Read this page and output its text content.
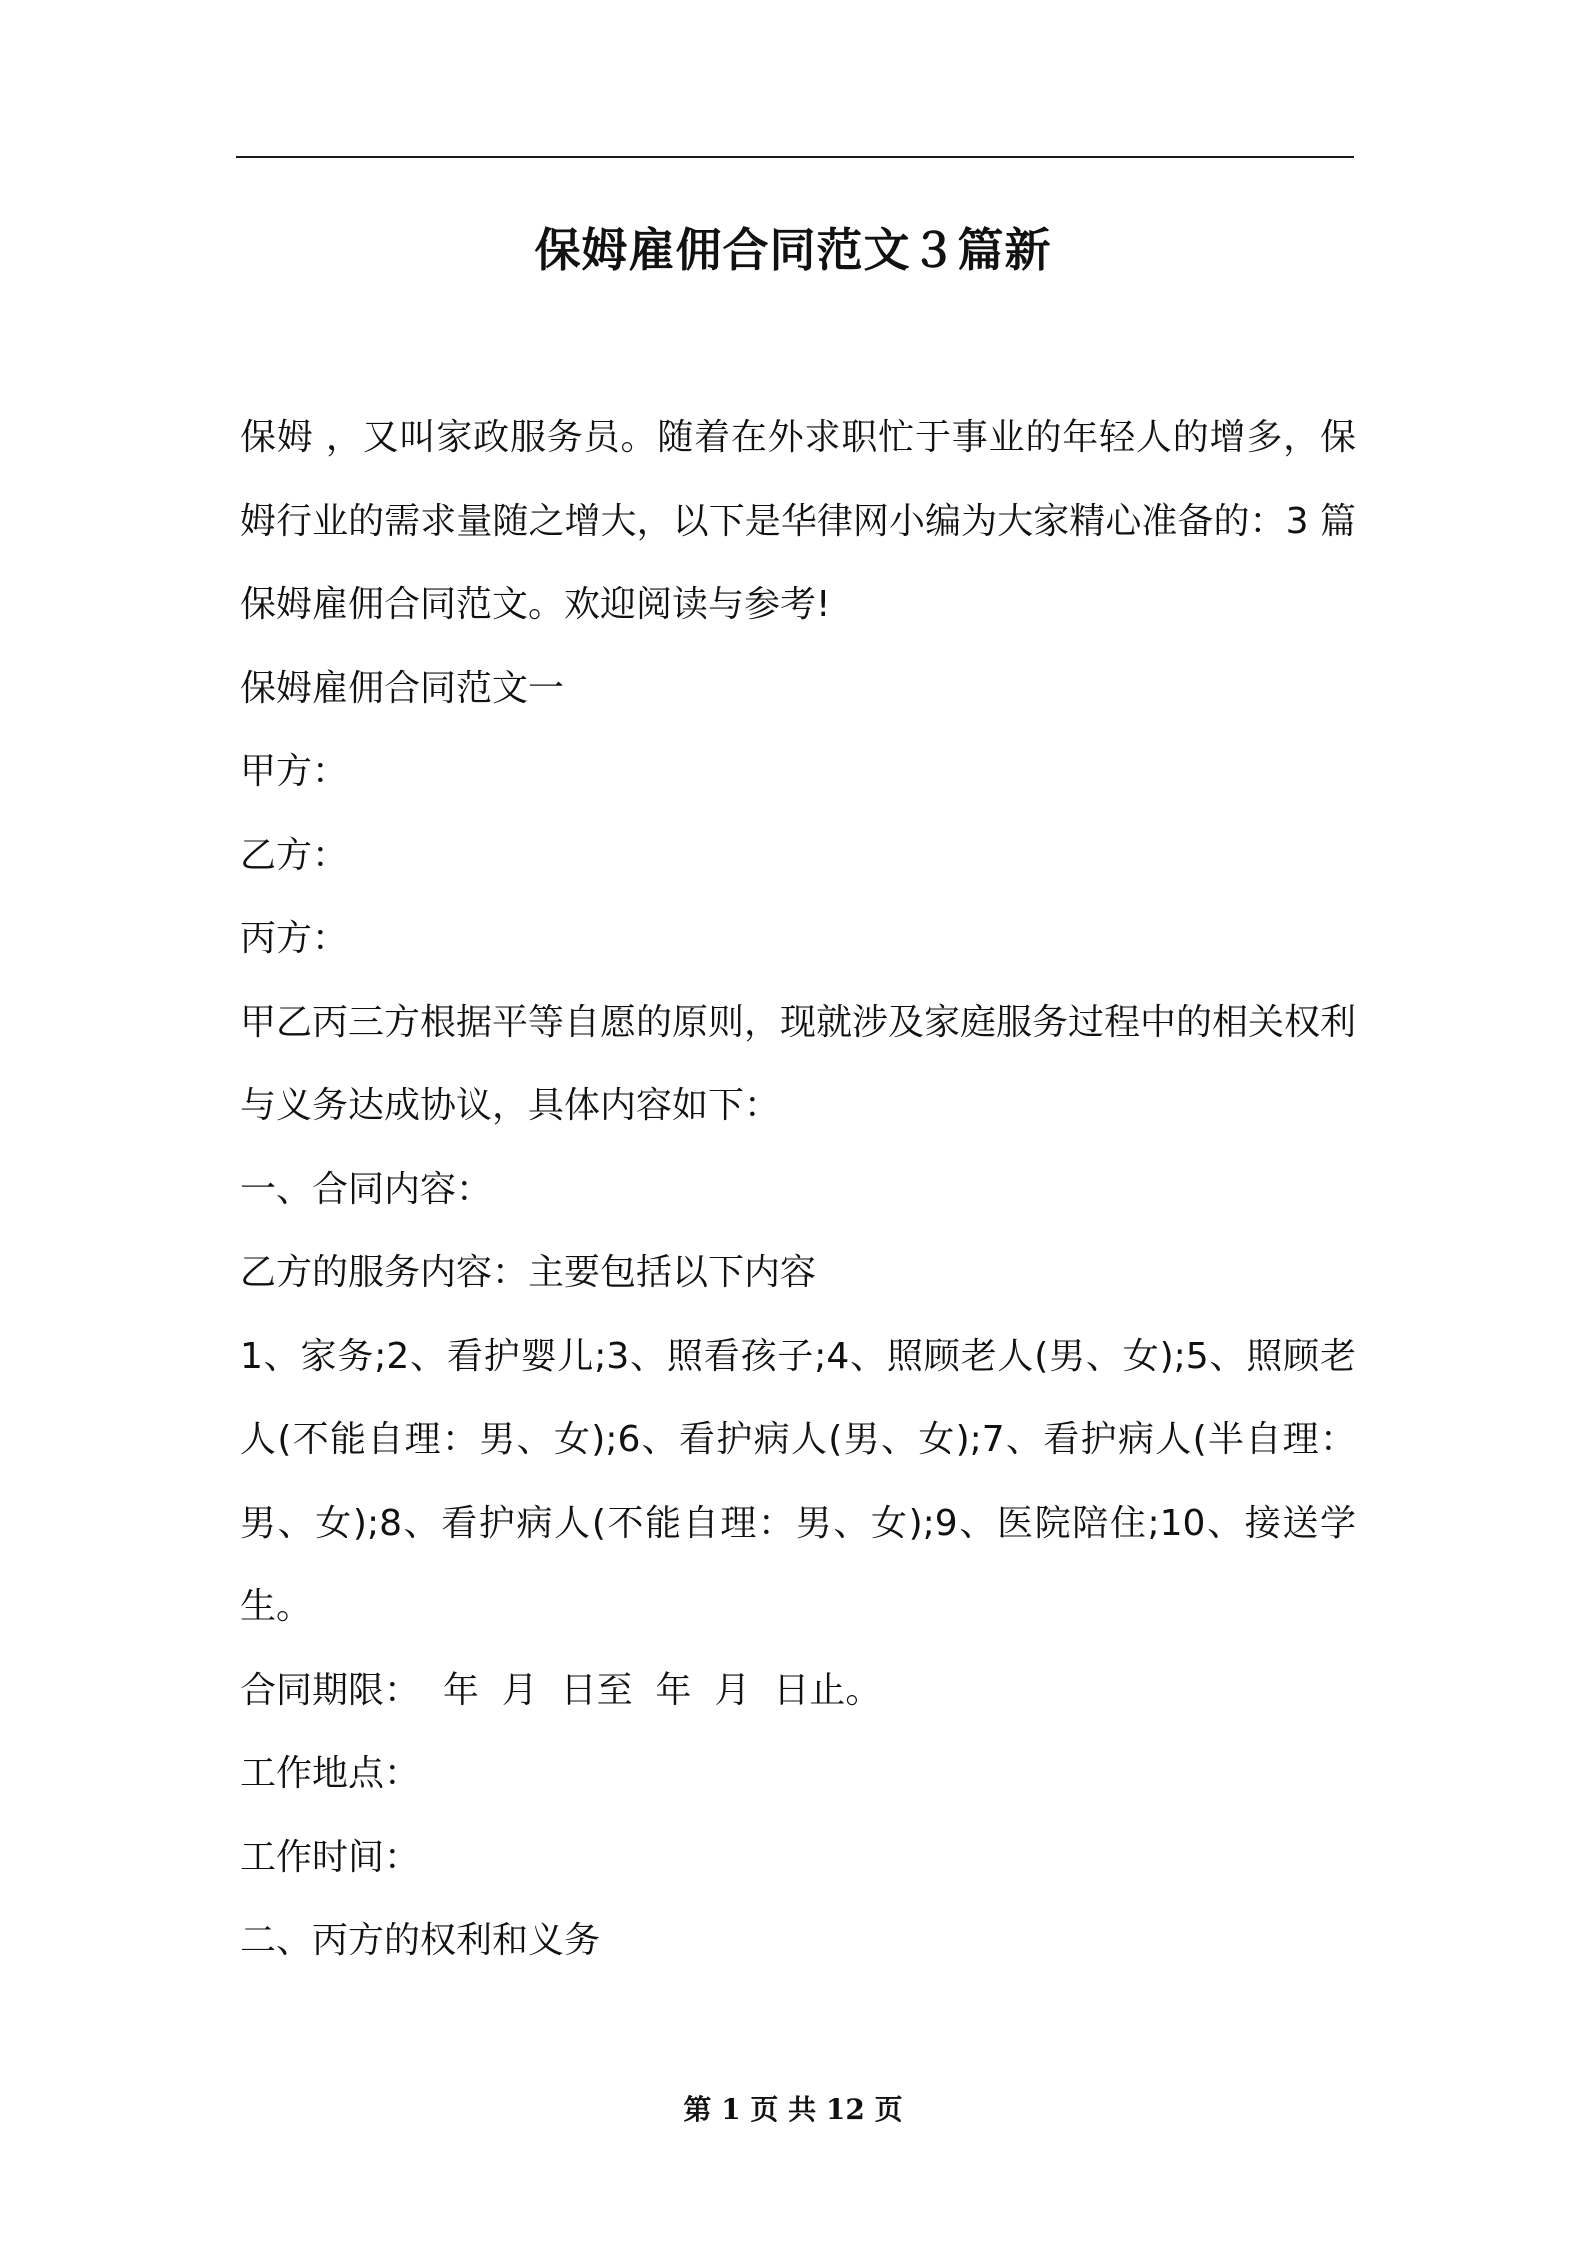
保姆雇佣合同范文３篇新

保姆 ，又叫家政服务员。随着在外求职忙于事业的年轻人的增多，保姆行业的需求量随之增大，以下是华律网小编为大家精心准备的：3 篇保姆雇佣合同范文。欢迎阅读与参考!

保姆雇佣合同范文一

甲方：

乙方：

丙方：

甲乙丙三方根据平等自愿的原则，现就涉及家庭服务过程中的相关权利与义务达成协议，具体内容如下：

一、合同内容：

乙方的服务内容：主要包括以下内容

1、家务;2、看护婴儿;3、照看孩子;4、照顾老人(男、女);5、照顾老人(不能自理：男、女);6、看护病人(男、女);7、看护病人(半自理：男、女);8、看护病人(不能自理：男、女);9、医院陪住;10、接送学生。

合同期限：  年  月  日至  年  月  日止。

工作地点：

工作时间：

二、丙方的权利和义务

第 1 页 共 12 页
